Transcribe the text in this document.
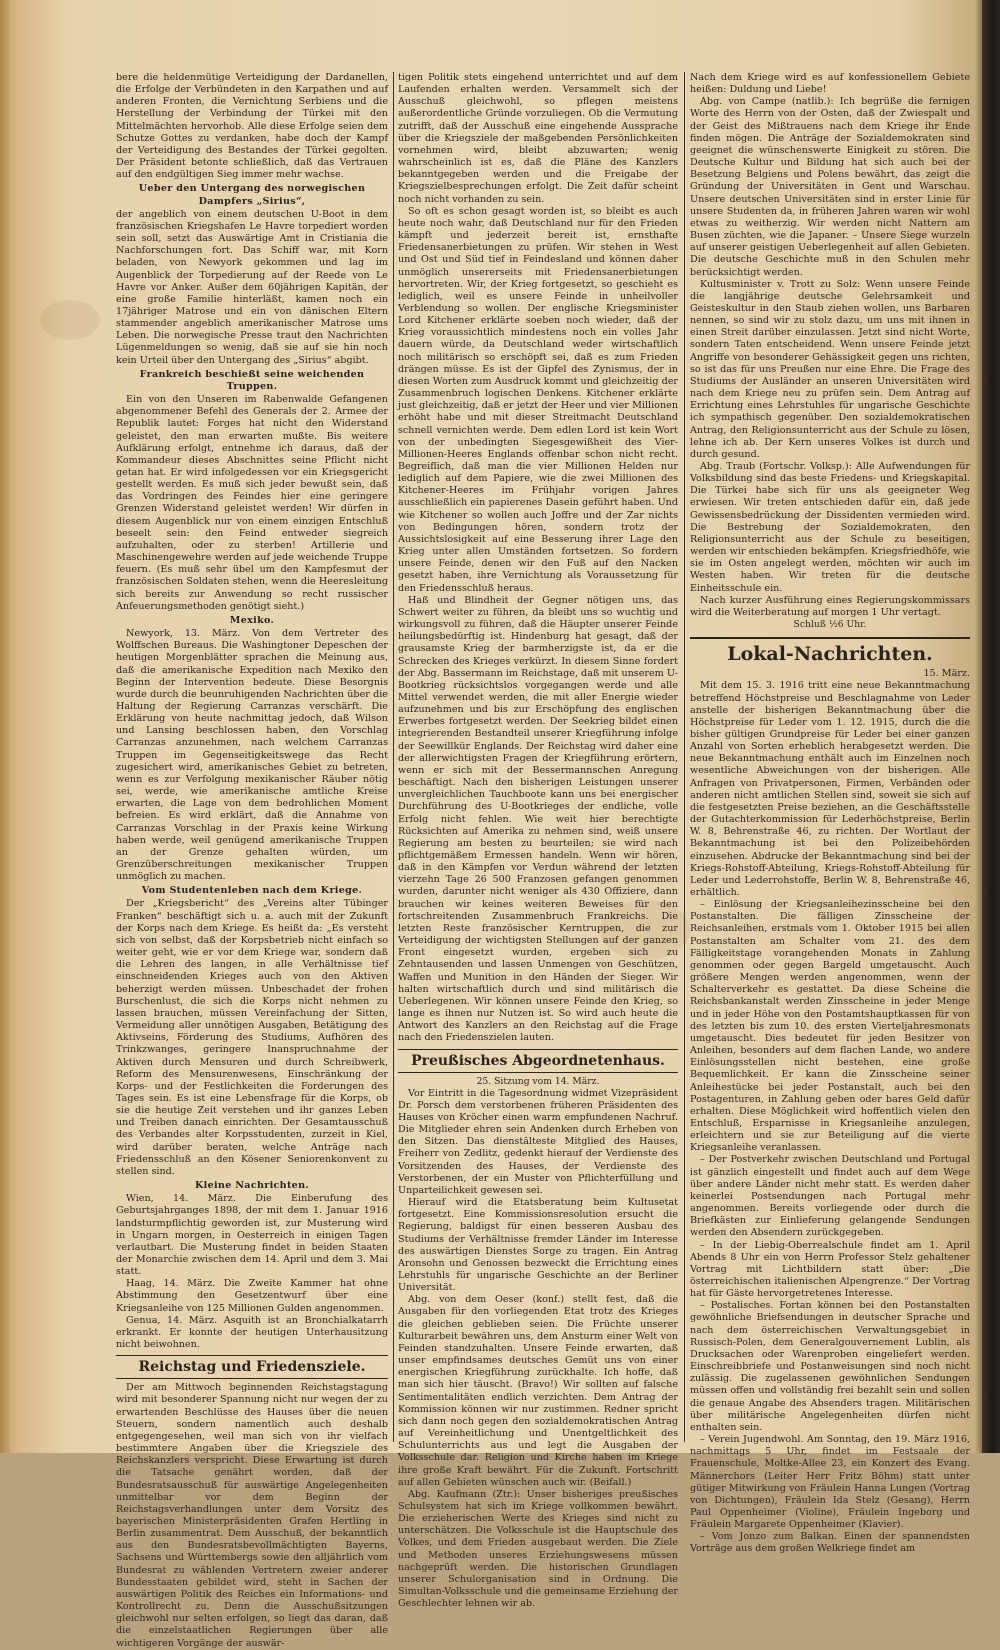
bere die heldenmütige Verteidigung der Dardanellen, die Erfolge der Verbündeten in den Karpathen und auf anderen Fronten, die Vernichtung Serbiens und die Herstellung der Verbindung der Türkei mit den Mittelmächten hervorhob. Alle diese Erfolge seien dem Schutze Gottes zu verdanken, habe doch der Kampf der Verteidigung des Bestandes der Türkei gegolten. Der Präsident betonte schließlich, daß das Vertrauen auf den endgültigen Sieg immer mehr wachse.

Ueber den Untergang des norwegischen Dampfers „Sirius“,

der angeblich von einem deutschen U-Boot in dem französischen Kriegshafen Le Havre torpediert worden sein soll, setzt das Auswärtige Amt in Cristiania die Nachforschungen fort. Das Schiff war, mit Korn beladen, von Newyork gekommen und lag im Augenblick der Torpedierung auf der Reede von Le Havre vor Anker. Außer dem 60jährigen Kapitän, der eine große Familie hinterläßt, kamen noch ein 17jähriger Matrose und ein von dänischen Eltern stammender angeblich amerikanischer Matrose ums Leben. Die norwegische Presse traut den Nachrichten Lügenmeldungen so wenig, daß sie auf sie hin noch kein Urteil über den Untergang des „Sirius“ abgibt.

Frankreich beschießt seine weichenden Truppen.

Ein von den Unseren im Rabenwalde Gefangenen abgenommener Befehl des Generals der 2. Armee der Republik lautet: Forges hat nicht den Widerstand geleistet, den man erwarten mußte. Bis weitere Aufklärung erfolgt, entnehme ich daraus, daß der Kommandeur dieses Abschnittes seine Pflicht nicht getan hat. Er wird infolgedessen vor ein Kriegsgericht gestellt werden. Es muß sich jeder bewußt sein, daß das Vordringen des Feindes hier eine geringere Grenzen Widerstand geleistet werden! Wir dürfen in diesem Augenblick nur von einem einzigen Entschluß beseelt sein: den Feind entweder siegreich aufzuhalten, oder zu sterben! Artillerie und Maschinengewehre werden auf jede weichende Truppe feuern. (Es muß sehr übel um den Kampfesmut der französischen Soldaten stehen, wenn die Heeresleitung sich bereits zur Anwendung so recht russischer Anfeuerungsmethoden genötigt sieht.)

Mexiko.

Newyork, 13. März. Von dem Vertreter des Wolffschen Bureaus. Die Washingtoner Depeschen der heutigen Morgenblätter sprachen die Meinung aus, daß die amerikanische Expedition nach Mexiko den Beginn der Intervention bedeute. Diese Besorgnis wurde durch die beunruhigenden Nachrichten über die Haltung der Regierung Carranzas verschärft. Die Erklärung von heute nachmittag jedoch, daß Wilson und Lansing beschlossen haben, den Vorschlag Carranzas anzunehmen, nach welchem Carranzas Truppen im Gegenseitigkeitswege das Recht zugesichert wird, amerikanisches Gebiet zu betreten, wenn es zur Verfolgung mexikanischer Räuber nötig sei, werde, wie amerikanische amtliche Kreise erwarten, die Lage von dem bedrohlichen Moment befreien. Es wird erklärt, daß die Annahme von Carranzas Vorschlag in der Praxis keine Wirkung haben werde, weil genügend amerikanische Truppen an der Grenze gehalten würden, um Grenzüberschreitungen mexikanischer Truppen unmöglich zu machen.

Vom Studentenleben nach dem Kriege.

Der „Kriegsbericht“ des „Vereins alter Tübinger Franken“ beschäftigt sich u. a. auch mit der Zukunft der Korps nach dem Kriege. Es heißt da: „Es versteht sich von selbst, daß der Korpsbetrieb nicht einfach so weiter geht, wie er vor dem Kriege war, sondern daß die Lehren des langen, in alle Verhältnisse tief einschneidenden Krieges auch von den Aktiven beherzigt werden müssen. Unbeschadet der frohen Burschenlust, die sich die Korps nicht nehmen zu lassen brauchen, müssen Vereinfachung der Sitten, Vermeidung aller unnötigen Ausgaben, Betätigung des Aktivseins, Förderung des Studiums, Aufhören des Trinkzwanges, geringere Inanspruchnahme der Aktiven durch Mensuren und durch Schreibwerk, Reform des Mensurenwesens, Einschränkung der Korps- und der Festlichkeiten die Forderungen des Tages sein. Es ist eine Lebensfrage für die Korps, ob sie die heutige Zeit verstehen und ihr ganzes Leben und Treiben danach einrichten. Der Gesamtausschuß des Verbandes alter Korpsstudenten, zurzeit in Kiel, wird darüber beraten, welche Anträge nach Friedensschluß an den Kösener Seniorenkonvent zu stellen sind.

Kleine Nachrichten.

Wien, 14. März. Die Einberufung des Geburtsjahrganges 1898, der mit dem 1. Januar 1916 landsturmpflichtig geworden ist, zur Musterung wird in Ungarn morgen, in Oesterreich in einigen Tagen verlautbart. Die Musterung findet in beiden Staaten der Monarchie zwischen dem 14. April und dem 3. Mai statt.

Haag, 14. März. Die Zweite Kammer hat ohne Abstimmung den Gesetzentwurf über eine Kriegsanleihe von 125 Millionen Gulden angenommen.

Genua, 14. März. Asquith ist an Bronchialkatarrh erkrankt. Er konnte der heutigen Unterhausitzung nicht beiwohnen.

Reichstag und Friedensziele.

Der am Mittwoch beginnenden Reichstagstagung wird mit besonderer Spannung nicht nur wegen der zu erwartenden Beschlüsse des Hauses über die neuen Steuern, sondern namentlich auch deshalb entgegengesehen, weil man sich von ihr vielfach bestimmtere Angaben über die Kriegsziele des Reichskanzlers verspricht. Diese Erwartung ist durch die Tatsache genährt worden, daß der Bundesratsausschuß für auswärtige Angelegenheiten unmittelbar vor dem Beginn der Reichstagsverhandlungen unter dem Vorsitz des bayerischen Ministerpräsidenten Grafen Hertling in Berlin zusammentrat. Dem Ausschuß, der bekanntlich aus den Bundesratsbevollmächtigten Bayerns, Sachsens und Württembergs sowie den alljährlich vom Bundesrat zu wählenden Vertretern zweier anderer Bundesstaaten gebildet wird, steht in Sachen der auswärtigen Politik des Reiches ein Informations- und Kontrollrecht zu. Denn die Ausschußsitzungen gleichwohl nur selten erfolgen, so liegt das daran, daß die einzelstaatlichen Regierungen über alle wichtigeren Vorgänge der auswär-

tigen Politik stets eingehend unterrichtet und auf dem Laufenden erhalten werden. Versammelt sich der Ausschuß gleichwohl, so pflegen meistens außerordentliche Gründe vorzuliegen. Ob die Vermutung zutrifft, daß der Ausschuß eine eingehende Aussprache über die Kriegsziele der maßgebenden Persönlichkeiten vornehmen wird, bleibt abzuwarten; wenig wahrscheinlich ist es, daß die Pläne des Kanzlers bekanntgegeben werden und die Freigabe der Kriegszielbesprechungen erfolgt. Die Zeit dafür scheint noch nicht vorhanden zu sein.

So oft es schon gesagt worden ist, so bleibt es auch heute noch wahr, daß Deutschland nur für den Frieden kämpft und jederzeit bereit ist, ernsthafte Friedensanerbietungen zu prüfen. Wir stehen in West und Ost und Süd tief in Feindesland und können daher unmöglich unsererseits mit Friedensanerbietungen hervortreten. Wir, der Krieg fortgesetzt, so geschieht es lediglich, weil es unsere Feinde in unheilvoller Verblendung so wollen. Der englische Kriegsminister Lord Kitchener erklärte soeben noch wieder, daß der Krieg voraussichtlich mindestens noch ein volles Jahr dauern würde, da Deutschland weder wirtschaftlich noch militärisch so erschöpft sei, daß es zum Frieden drängen müsse. Es ist der Gipfel des Zynismus, der in diesen Worten zum Ausdruck kommt und gleichzeitig der Zusammenbruch logischen Denkens. Kitchener erklärte just gleichzeitig, daß er jetzt der Heer und vier Millionen erhöht habe und mit dieser Streitmacht Deutschland schnell vernichten werde. Dem edlen Lord ist kein Wort von der unbedingten Siegesgewißheit des Vier-Millionen-Heeres Englands offenbar schon nicht recht. Begreiflich, daß man die vier Millionen Helden nur lediglich auf dem Papiere, wie die zwei Millionen des Kitchener-Heeres im Frühjahr vorigen Jahres ausschließlich ein papierenes Dasein geführt haben. Und wie Kitchener so wollen auch Joffre und der Zar nichts von Bedingungen hören, sondern trotz der Aussichtslosigkeit auf eine Besserung ihrer Lage den Krieg unter allen Umständen fortsetzen. So fordern unsere Feinde, denen wir den Fuß auf den Nacken gesetzt haben, ihre Vernichtung als Voraussetzung für den Friedensschluß heraus.

Haß und Blindheit der Gegner nötigen uns, das Schwert weiter zu führen, da bleibt uns so wuchtig und wirkungsvoll zu führen, daß die Häupter unserer Feinde heilungsbedürftig ist. Hindenburg hat gesagt, daß der grausamste Krieg der barmherzigste ist, da er die Schrecken des Krieges verkürzt. In diesem Sinne fordert der Abg. Bassermann im Reichstage, daß mit unserem U-Bootkrieg rücksichtslos vorgegangen werde und alle Mittel verwendet werden, die mit aller Energie wieder aufzunehmen und bis zur Erschöpfung des englischen Erwerbes fortgesetzt werden. Der Seekrieg bildet einen integrierenden Bestandteil unserer Kriegführung infolge der Seewillkür Englands. Der Reichstag wird daher eine der allerwichtigsten Fragen der Kriegführung erörtern, wenn er sich mit der Bessermannschen Anregung beschäftigt. Nach den bisherigen Leistungen unserer unvergleichlichen Tauchboote kann uns bei energischer Durchführung des U-Bootkrieges der endliche, volle Erfolg nicht fehlen. Wie weit hier berechtigte Rücksichten auf Amerika zu nehmen sind, weiß unsere Regierung am besten zu beurteilen; sie wird nach pflichtgemäßem Ermessen handeln. Wenn wir hören, daß in den Kämpfen vor Verdun während der letzten vierzehn Tage 26 500 Franzosen gefangen genommen wurden, darunter nicht weniger als 430 Offiziere, dann brauchen wir keines weiteren Beweises für den fortschreitenden Zusammenbruch Frankreichs. Die letzten Reste französischer Kerntruppen, die zur Verteidigung der wichtigsten Stellungen auf der ganzen Front eingesetzt wurden, ergeben sich zu Zehntausenden und lassen Unmengen von Geschützen, Waffen und Munition in den Händen der Sieger. Wir halten wirtschaftlich durch und sind militärisch die Ueberlegenen. Wir können unsere Feinde den Krieg, so lange es ihnen nur Nutzen ist. So wird auch heute die Antwort des Kanzlers an den Reichstag auf die Frage nach den Friedenszielen lauten.

Preußisches Abgeordnetenhaus.
25. Sitzung vom 14. März.

Vor Eintritt in die Tagesordnung widmet Vizepräsident Dr. Porsch dem verstorbenen früheren Präsidenten des Hauses von Kröcher einen warm empfundenen Nachruf. Die Mitglieder ehren sein Andenken durch Erheben von den Sitzen. Das dienstälteste Mitglied des Hauses, Freiherr von Zedlitz, gedenkt hierauf der Verdienste des Vorsitzenden des Hauses, der Verdienste des Verstorbenen, der ein Muster von Pflichterfüllung und Unparteilichkeit gewesen sei.

Hierauf wird die Etatsberatung beim Kultusetat fortgesetzt. Eine Kommissionsresolution ersucht die Regierung, baldigst für einen besseren Ausbau des Studiums der Verhältnisse fremder Länder im Interesse des auswärtigen Dienstes Sorge zu tragen. Ein Antrag Aronsohn und Genossen bezweckt die Errichtung eines Lehrstuhls für ungarische Geschichte an der Berliner Universität.

Abg. von dem Oeser (konf.) stellt fest, daß die Ausgaben für den vorliegenden Etat trotz des Krieges die gleichen geblieben seien. Die Früchte unserer Kulturarbeit bewähren uns, dem Ansturm einer Welt von Feinden standzuhalten. Unsere Feinde erwarten, daß unser empfindsames deutsches Gemüt uns von einer energischen Kriegführung zurückhalte. Ich hoffe, daß man sich hier täuscht. (Bravo!) Wir sollten auf falsche Sentimentalitäten endlich verzichten. Dem Antrag der Kommission können wir nur zustimmen. Redner spricht sich dann noch gegen den sozialdemokratischen Antrag auf Vereinheitlichung und Unentgeltlichkeit des Schulunterrichts aus und legt die Ausgaben der Volksschule dar. Religion und Kirche haben im Kriege ihre große Kraft bewährt. Für die Zukunft. Fortschritt auf allen Gebieten wünschen auch wir. (Beifall.)

Abg. Kaufmann (Ztr.): Unser bisheriges preußisches Schulsystem hat sich im Kriege vollkommen bewährt. Die erzieherischen Werte des Krieges sind nicht zu unterschätzen. Die Volksschule ist die Hauptschule des Volkes, und dem Frieden ausgebaut werden. Die Ziele und Methoden unseres Erziehungswesens müssen nachgeprüft werden. Die historischen Grundlagen unserer Schulorganisation sind in Ordnung. Die Simultan-Volksschule und die gemeinsame Erziehung der Geschlechter lehnen wir ab.

Nach dem Kriege wird es auf konfessionellem Gebiete heißen: Duldung und Liebe!

Abg. von Campe (natlib.): Ich begrüße die fernigen Worte des Herrn von der Osten, daß der Zwiespalt und der Geist des Mißtrauens nach dem Kriege ihr Ende finden mögen. Die Anträge der Sozialdemokraten sind geeignet die wünschenswerte Einigkeit zu stören. Die Deutsche Kultur und Bildung hat sich auch bei der Besetzung Belgiens und Polens bewährt, das zeigt die Gründung der Universitäten in Gent und Warschau. Unsere deutschen Universitäten sind in erster Linie für unsere Studenten da, in früheren Jahren waren wir wohl etwas zu weitherzig. Wir werden nicht Nattern am Busen züchten, wie die Japaner. – Unsere Siege wurzeln auf unserer geistigen Ueberlegenheit auf allen Gebieten. Die deutsche Geschichte muß in den Schulen mehr berücksichtigt werden.

Kultusminister v. Trott zu Solz: Wenn unsere Feinde die langjährige deutsche Gelehrsamkeit und Geisteskultur in den Staub ziehen wollen, uns Barbaren nennen, so sind wir zu stolz dazu, um uns mit ihnen in einen Streit darüber einzulassen. Jetzt sind nicht Worte, sondern Taten entscheidend. Wenn unsere Feinde jetzt Angriffe von besonderer Gehässigkeit gegen uns richten, so ist das für uns Preußen nur eine Ehre. Die Frage des Studiums der Ausländer an unseren Universitäten wird nach dem Kriege neu zu prüfen sein. Dem Antrag auf Errichtung eines Lehrstuhles für ungarische Geschichte ich sympathisch gegenüber. Den sozialdemokratischen Antrag, den Religionsunterricht aus der Schule zu lösen, lehne ich ab. Der Kern unseres Volkes ist durch und durch gesund.

Abg. Traub (Fortschr. Volksp.): Alle Aufwendungen für Volksbildung sind das beste Friedens- und Kriegskapital. Die Türkei habe sich für uns als geeigneter Weg erwiesen. Wir treten entschieden dafür ein, daß jede Gewissensbedrückung der Dissidenten vermieden wird. Die Bestrebung der Sozialdemokraten, den Religionsunterricht aus der Schule zu beseitigen, werden wir entschieden bekämpfen. Kriegsfriedhöfe, wie sie im Osten angelegt werden, möchten wir auch im Westen haben. Wir treten für die deutsche Einheitsschule ein.

Nach kurzer Ausführung eines Regierungskommissars wird die Weiterberatung auf morgen 1 Uhr vertagt.

Schluß ½6 Uhr.
Lokal-Nachrichten.
15. März.

Mit dem 15. 3. 1916 tritt eine neue Bekanntmachung betreffend Höchstpreise und Beschlagnahme von Leder anstelle der bisherigen Bekanntmachung über die Höchstpreise für Leder vom 1. 12. 1915, durch die die bisher gültigen Grundpreise für Leder bei einer ganzen Anzahl von Sorten erheblich herabgesetzt werden. Die neue Bekanntmachung enthält auch im Einzelnen noch wesentliche Abweichungen von der bisherigen. Alle Anfragen von Privatpersonen, Firmen, Verbänden oder anderen nicht amtlichen Stellen sind, soweit sie sich auf die festgesetzten Preise beziehen, an die Geschäftsstelle der Gutachterkommission für Lederhöchstpreise, Berlin W. 8, Behrenstraße 46, zu richten. Der Wortlaut der Bekanntmachung ist bei den Polizeibehörden einzusehen. Abdrucke der Bekanntmachung sind bei der Kriegs-Rohstoff-Abteilung, Kriegs-Rohstoff-Abteilung für Leder und Lederrohstoffe, Berlin W. 8, Behrenstraße 46, erhältlich.

– Einlösung der Kriegsanleihezinsscheine bei den Postanstalten. Die fälligen Zinsscheine der Reichsanleihen, erstmals vom 1. Oktober 1915 bei allen Postanstalten am Schalter vom 21. des dem Fälligkeitstage vorangehenden Monats in Zahlung genommen oder gegen Bargeld umgetauscht. Auch größere Mengen werden angenommen, wenn der Schalterverkehr es gestattet. Da diese Scheine die Reichsbankanstalt werden Zinsscheine in jeder Menge und in jeder Höhe von den Postamtshauptkassen für von des letzten bis zum 10. des ersten Vierteljahresmonats umgetauscht. Dies bedeutet für jeden Besitzer von Anleihen, besonders auf dem flachen Lande, wo andere Einlösungsstellen nicht bestehen, eine große Bequemlichkeit. Er kann die Zinsscheine seiner Anleihestücke bei jeder Postanstalt, auch bei den Postagenturen, in Zahlung geben oder bares Geld dafür erhalten. Diese Möglichkeit wird hoffentlich vielen den Entschluß, Ersparnisse in Kriegsanleihe anzulegen, erleichtern und sie zur Beteiligung auf die vierte Kriegsanleihe veranlassen.

– Der Postverkehr zwischen Deutschland und Portugal ist gänzlich eingestellt und findet auch auf dem Wege über andere Länder nicht mehr statt. Es werden daher keinerlei Postsendungen nach Portugal mehr angenommen. Bereits vorliegende oder durch die Briefkästen zur Einlieferung gelangende Sendungen werden den Absendern zurückgegeben.

– In der Liebig-Oberrealschule findet am 1. April Abends 8 Uhr ein von Herrn Professor Stelz gehaltener Vortrag mit Lichtbildern statt über: „Die österreichischen italienischen Alpengrenze.“ Der Vortrag hat für Gäste hervorgetretenes Interesse.

– Postalisches. Fortan können bei den Postanstalten gewöhnliche Briefsendungen in deutscher Sprache und nach dem österreichischen Verwaltungsgebiet in Russisch-Polen, dem Generalgouvernement Lublin, als Drucksachen oder Warenproben eingeliefert werden. Einschreibbriefe und Postanweisungen sind noch nicht zulässig. Die zugelassenen gewöhnlichen Sendungen müssen offen und vollständig frei bezahlt sein und sollen die genaue Angabe des Absenders tragen. Militärischen über militärische Angelegenheiten dürfen nicht enthalten sein.

– Verein Jugendwohl. Am Sonntag, den 19. März 1916, nachmittags 5 Uhr, findet im Festsaale der Frauenschule, Moltke-Allee 23, ein Konzert des Evang. Männerchors (Leiter Herr Fritz Böhm) statt unter gütiger Mitwirkung von Fräulein Hanna Lungen (Vortrag von Dichtungen), Fräulein Ida Stelz (Gesang), Herrn Paul Oppenheimer (Violine), Fräulein Ingeborg und Fräulein Margarete Oppenheimer (Klavier).

– Vom Jonzo zum Balkan. Einen der spannendsten Vorträge aus dem großen Welkriege findet am
